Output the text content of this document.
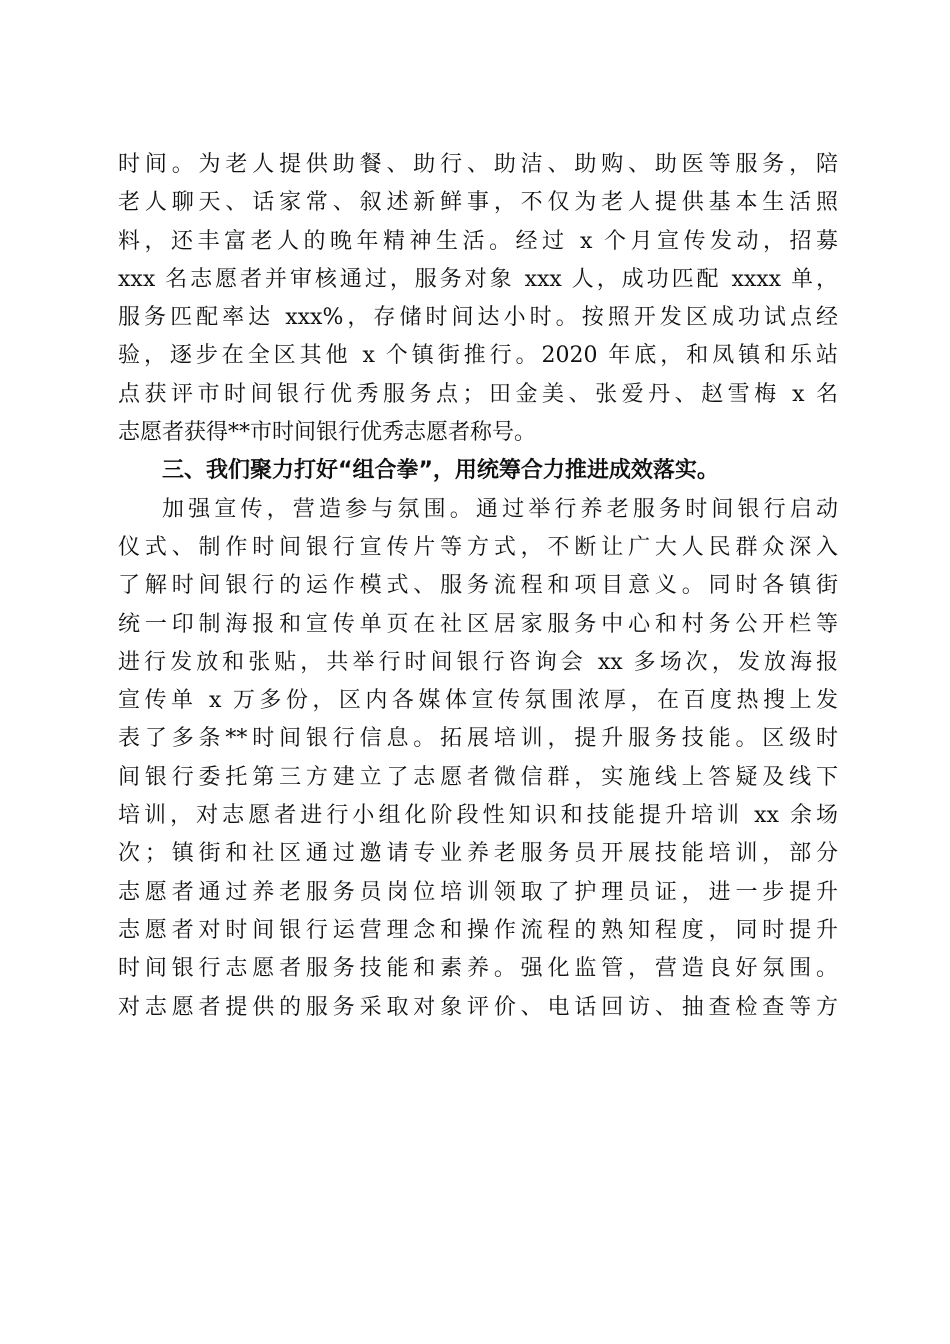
时间。为老人提供助餐、助行、助洁、助购、助医等服务，陪
老人聊天、话家常、叙述新鲜事，不仅为老人提供基本生活照
料，还丰富老人的晚年精神生活。经过 x 个月宣传发动，招募
xxx 名志愿者并审核通过，服务对象 xxx 人，成功匹配 xxxx 单，
服务匹配率达 xxx%，存储时间达小时。按照开发区成功试点经
验，逐步在全区其他 x 个镇街推行。2020 年底，和凤镇和乐站
点获评市时间银行优秀服务点；田金美、张爱丹、赵雪梅 x 名
志愿者获得**市时间银行优秀志愿者称号。
三、我们聚力打好“组合拳”，用统筹合力推进成效落实。
加强宣传，营造参与氛围。通过举行养老服务时间银行启动
仪式、制作时间银行宣传片等方式，不断让广大人民群众深入
了解时间银行的运作模式、服务流程和项目意义。同时各镇街
统一印制海报和宣传单页在社区居家服务中心和村务公开栏等
进行发放和张贴，共举行时间银行咨询会 xx 多场次，发放海报
宣传单 x 万多份，区内各媒体宣传氛围浓厚，在百度热搜上发
表了多条**时间银行信息。拓展培训，提升服务技能。区级时
间银行委托第三方建立了志愿者微信群，实施线上答疑及线下
培训，对志愿者进行小组化阶段性知识和技能提升培训 xx 余场
次；镇街和社区通过邀请专业养老服务员开展技能培训，部分
志愿者通过养老服务员岗位培训领取了护理员证，进一步提升
志愿者对时间银行运营理念和操作流程的熟知程度，同时提升
时间银行志愿者服务技能和素养。强化监管，营造良好氛围。
对志愿者提供的服务采取对象评价、电话回访、抽查检查等方
